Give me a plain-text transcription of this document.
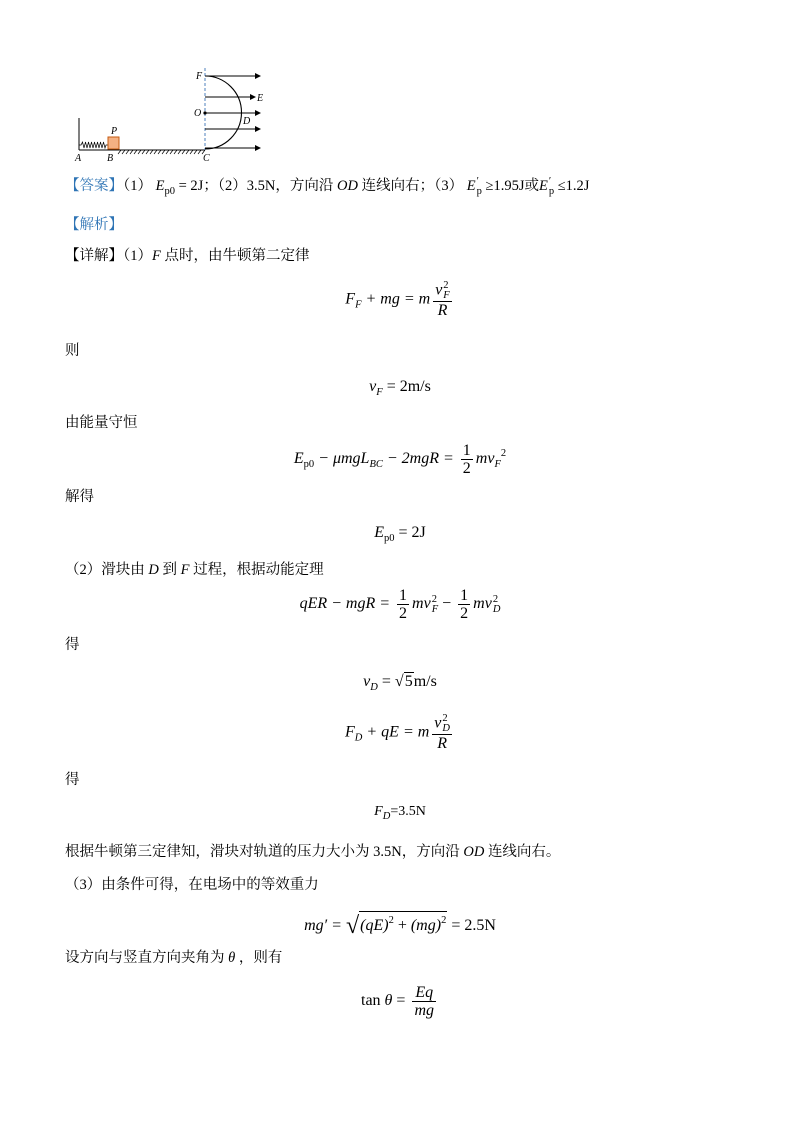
F
O
E
D
P
A	B	C
【答案】（1） $E_{p0} = 2J$；（2）3.5N，方向沿 OD 连线向右；（3） E ′
p ≥1.95J或E ′
p ≤1.2J
【解析】
【详解】（1）F 点时，由牛顿第二定律
$F_F$ + mg = m v 2
F
R
则
$v_F = 2m/s$
由能量守恒
$E_{p0} - \mu mgL_{BC} - 2mgR = \frac{1}{2} mv_F^2$
解得
$E_{p0} = 2J$
（2）滑块由 D 到 F 过程，根据动能定理
qER − mgR = $\frac{1}{2}$ mv 2
$F - \frac{1}{2}$ mv 2
D
得
$v_D = √5m/s$
$F_D$ + qE = m v 2
D
R
得
$F_D=3.5N$
根据牛顿第三定律知，滑块对轨道的压力大小为 3.5N，方向沿 OD 连线向右。
（3）由条件可得，在电场中的等效重力
mg′ = √(qE)$^2$ + (mg)$^2$ = 2.5N
设方向与竖直方向夹角为 θ ，则有
$\tan \theta = \frac{Eq}{mg}$
